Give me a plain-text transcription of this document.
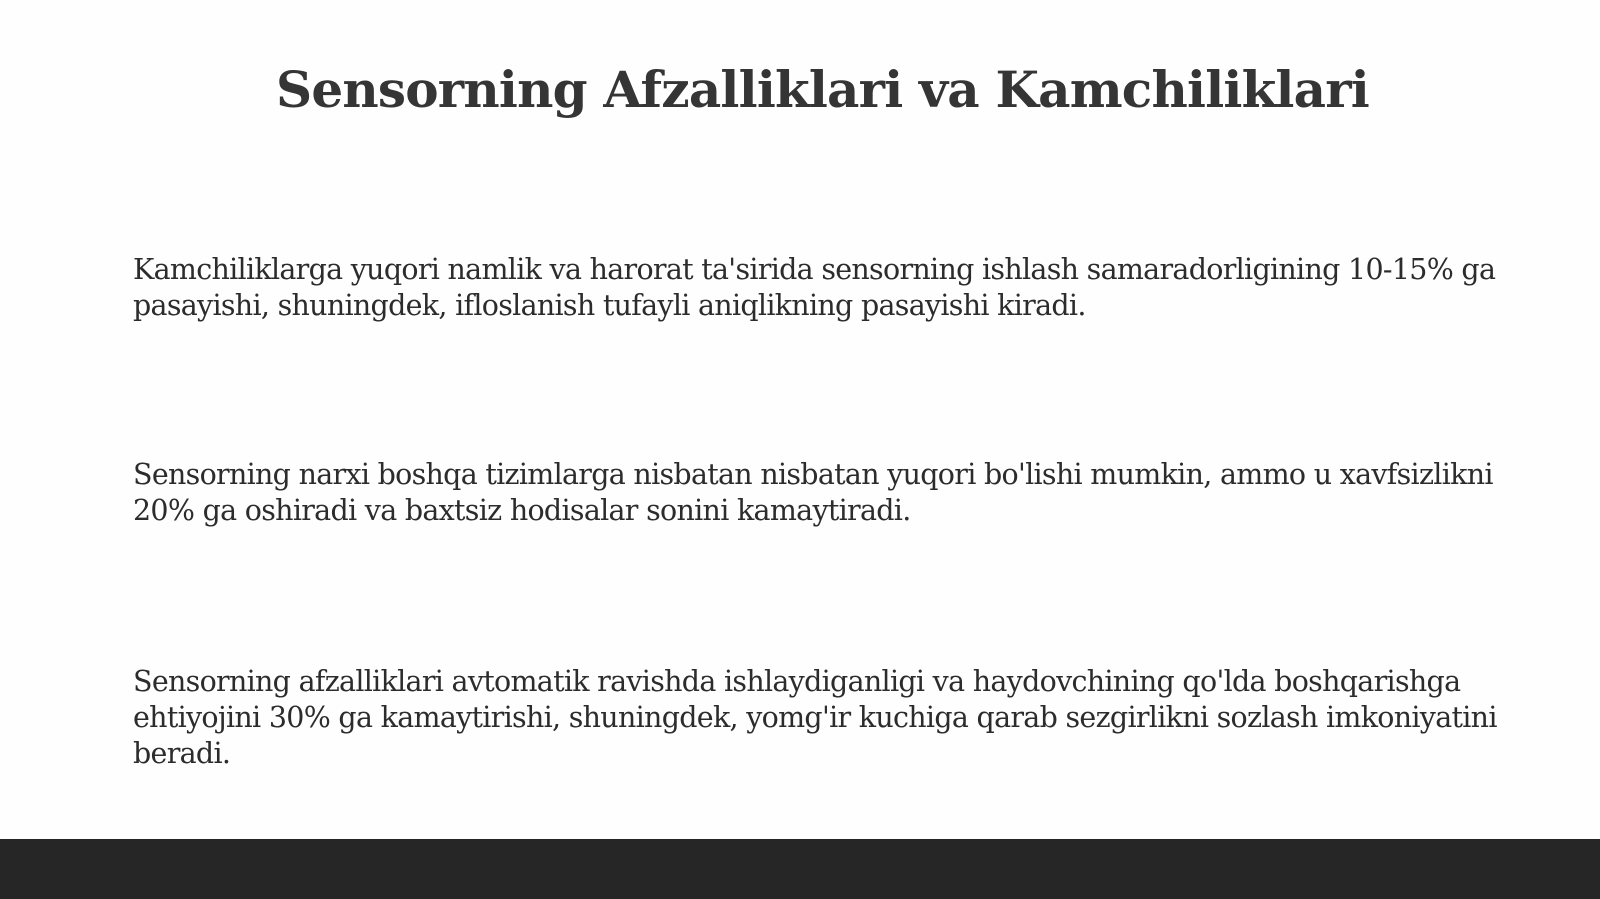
Sensorning Afzalliklari va Kamchiliklari

Kamchiliklarga yuqori namlik va harorat ta'sirida sensorning ishlash samaradorligining 10-15% ga pasayishi, shuningdek, ifloslanish tufayli aniqlikning pasayishi kiradi.

Sensorning narxi boshqa tizimlarga nisbatan nisbatan yuqori bo'lishi mumkin, ammo u xavfsizlikni 20% ga oshiradi va baxtsiz hodisalar sonini kamaytiradi.

Sensorning afzalliklari avtomatik ravishda ishlaydiganligi va haydovchining qo'lda boshqarishga ehtiyojini 30% ga kamaytirishi, shuningdek, yomg'ir kuchiga qarab sezgirlikni sozlash imkoniyatini beradi.
